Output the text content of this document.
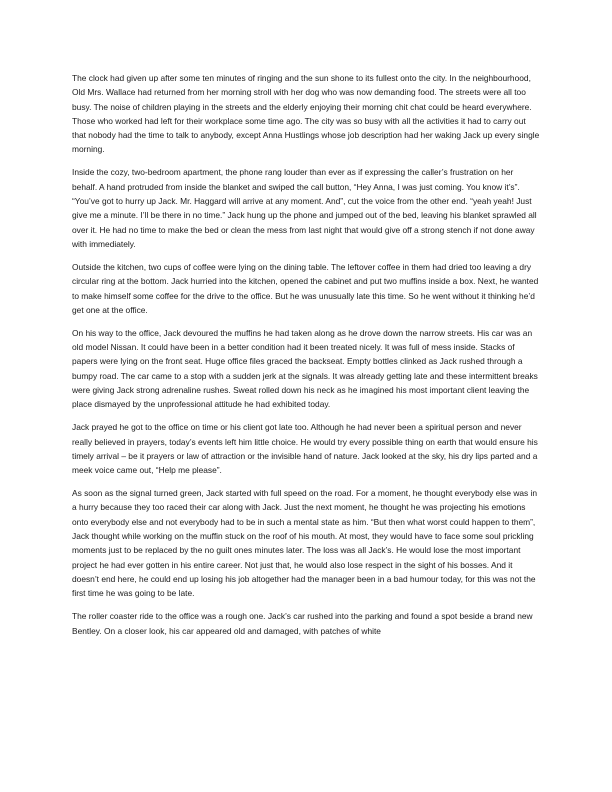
The clock had given up after some ten minutes of ringing and the sun shone to its fullest onto the city. In the neighbourhood, Old Mrs. Wallace had returned from her morning stroll with her dog who was now demanding food. The streets were all too busy. The noise of children playing in the streets and the elderly enjoying their morning chit chat could be heard everywhere. Those who worked had left for their workplace some time ago. The city was so busy with all the activities it had to carry out that nobody had the time to talk to anybody, except Anna Hustlings whose job description had her waking Jack up every single morning.

Inside the cozy, two-bedroom apartment, the phone rang louder than ever as if expressing the caller’s frustration on her behalf. A hand protruded from inside the blanket and swiped the call button, “Hey Anna, I was just coming. You know it’s”. “You’ve got to hurry up Jack. Mr. Haggard will arrive at any moment. And”, cut the voice from the other end. “yeah yeah! Just give me a minute. I’ll be there in no time.” Jack hung up the phone and jumped out of the bed, leaving his blanket sprawled all over it. He had no time to make the bed or clean the mess from last night that would give off a strong stench if not done away with immediately.

Outside the kitchen, two cups of coffee were lying on the dining table. The leftover coffee in them had dried too leaving a dry circular ring at the bottom. Jack hurried into the kitchen, opened the cabinet and put two muffins inside a box. Next, he wanted to make himself some coffee for the drive to the office. But he was unusually late this time. So he went without it thinking he’d get one at the office.

On his way to the office, Jack devoured the muffins he had taken along as he drove down the narrow streets. His car was an old model Nissan. It could have been in a better condition had it been treated nicely. It was full of mess inside. Stacks of papers were lying on the front seat. Huge office files graced the backseat. Empty bottles clinked as Jack rushed through a bumpy road. The car came to a stop with a sudden jerk at the signals. It was already getting late and these intermittent breaks were giving Jack strong adrenaline rushes. Sweat rolled down his neck as he imagined his most important client leaving the place dismayed by the unprofessional attitude he had exhibited today.

Jack prayed he got to the office on time or his client got late too. Although he had never been a spiritual person and never really believed in prayers, today’s events left him little choice. He would try every possible thing on earth that would ensure his timely arrival – be it prayers or law of attraction or the invisible hand of nature. Jack looked at the sky, his dry lips parted and a meek voice came out, “Help me please”.

As soon as the signal turned green, Jack started with full speed on the road. For a moment, he thought everybody else was in a hurry because they too raced their car along with Jack. Just the next moment, he thought he was projecting his emotions onto everybody else and not everybody had to be in such a mental state as him. “But then what worst could happen to them”, Jack thought while working on the muffin stuck on the roof of his mouth. At most, they would have to face some soul prickling moments just to be replaced by the no guilt ones minutes later. The loss was all Jack’s. He would lose the most important project he had ever gotten in his entire career. Not just that, he would also lose respect in the sight of his bosses. And it doesn’t end here, he could end up losing his job altogether had the manager been in a bad humour today, for this was not the first time he was going to be late.

The roller coaster ride to the office was a rough one. Jack’s car rushed into the parking and found a spot beside a brand new Bentley. On a closer look, his car appeared old and damaged, with patches of white
